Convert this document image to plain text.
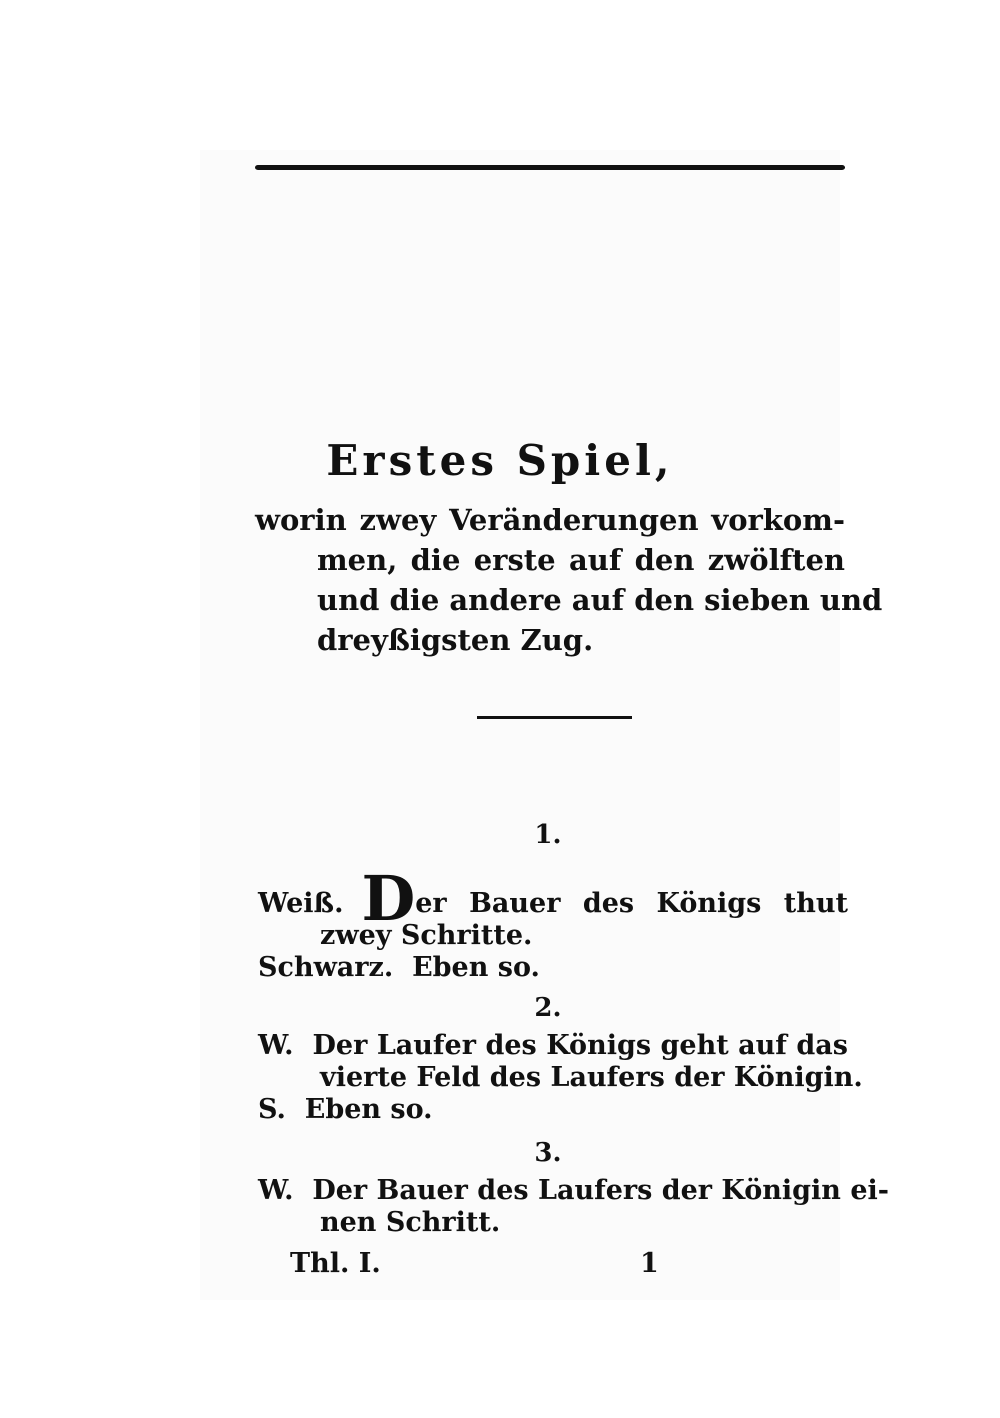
Erstes Spiel,
worin zwey Veränderungen vorkom-
men, die erste auf den zwölften
und die andere auf den sieben und
dreyßigsten Zug.
1.
Weiß. Der Bauer des Königs thut
zwey Schritte.
Schwarz. Eben so.
2.
W. Der Laufer des Königs geht auf das
vierte Feld des Laufers der Königin.
S. Eben so.
3.
W. Der Bauer des Laufers der Königin ei-
nen Schritt.
Thl. I.	1
